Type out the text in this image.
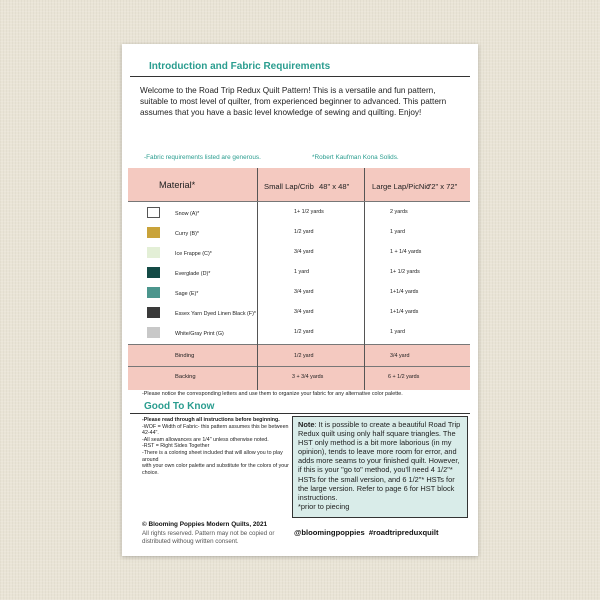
Introduction and Fabric Requirements
Welcome to the Road Trip Redux Quilt Pattern! This is a versatile and fun pattern, suitable to most level of quilter, from experienced beginner to advanced. This pattern assumes that you have a basic level knowledge of sewing and quilting. Enjoy!
-Fabric requirements listed are generous.	*Robert Kaufman Kona Solids.
Material*	Small Lap/Crib 48" x 48"	Large Lap/PicNic
72" x 72"
Snow (A)*	1+ 1/2 yards	2 yards
Curry (B)*	1/2 yard	1 yard
Ice Frappe (C)*	3/4 yard	1 + 1/4 yards
Everglade (D)*	1 yard	1+ 1/2 yards
Sage (E)*	3/4 yard	1+1/4 yards
Essex Yarn Dyed Linen Black (F)*	3/4 yard	1+1/4 yards
White/Gray Print (G)	1/2 yard	1 yard
Binding	1/2 yard	3/4 yard
Backing	3 + 3/4 yards	6 + 1/2 yards
-Please notice the corresponding letters and use them to organize your fabric for any alternative color palette.
Good To Know
-Please read through all instructions before beginning.
-WOF = Width of Fabric- this pattern assumes this be between 42-44".
-All seam allowances are 1/4" unless otherwise noted.
-RST = Right Sides Together
-There is a coloring sheet included that will allow you to play around
with your own color palette and substitute for the colors of your choice.
Note: It is possible to create a beautiful Road Trip Redux quilt using only half square triangles. The HST only method is a bit more laborious (in my opinion), tends to leave more room for error, and adds more seams to your finished quilt. However, if this is your "go to" method, you'll need 4 1/2"* HSTs for the small version, and 6 1/2"* HSTs for the large version. Refer to page 6 for HST block instructions.
*prior to piecing
© Blooming Poppies Modern Quilts, 2021
All rights reserved. Pattern may not be copied or distributed withoug written consent.
@bloomingpoppies  #roadtripreduxquilt
